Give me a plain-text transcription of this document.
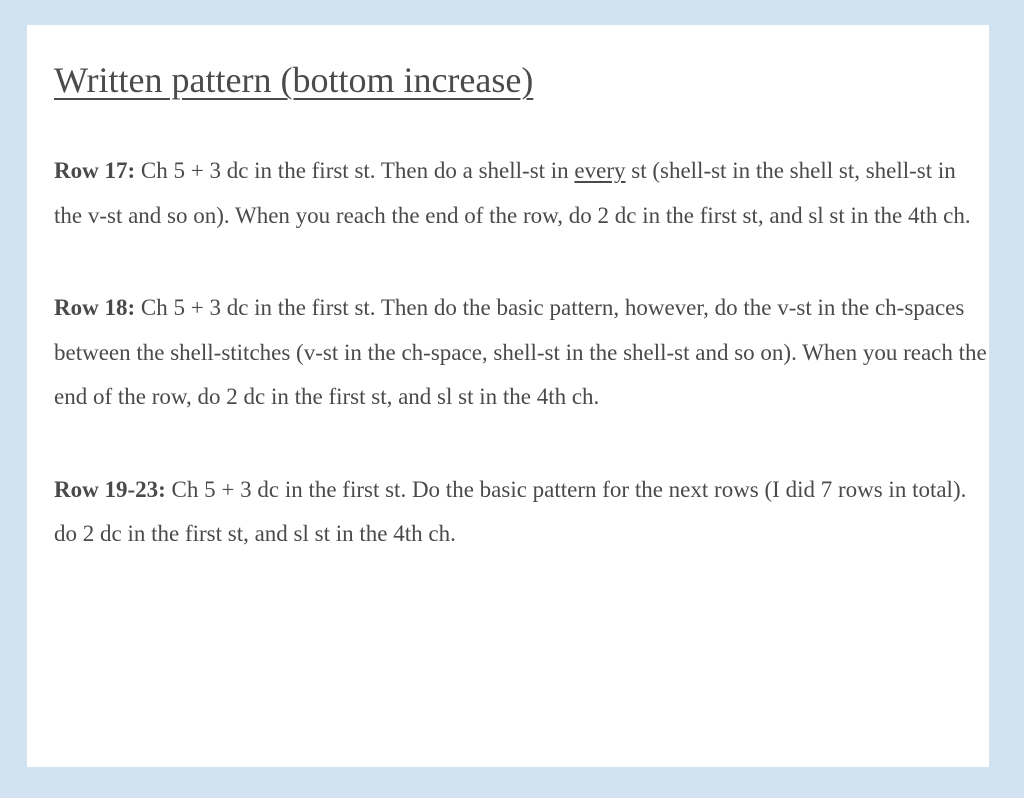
Written pattern (bottom increase)

Row 17: Ch 5 + 3 dc in the first st. Then do a shell-st in every st (shell-st in the shell st, shell-st in the v-st and so on). When you reach the end of the row, do 2 dc in the first st, and sl st in the 4th ch.

Row 18: Ch 5 + 3 dc in the first st. Then do the basic pattern, however, do the v-st in the ch-spaces between the shell-stitches (v-st in the ch-space, shell-st in the shell-st and so on). When you reach the end of the row, do 2 dc in the first st, and sl st in the 4th ch.

Row 19-23: Ch 5 + 3 dc in the first st. Do the basic pattern for the next rows (I did 7 rows in total). do 2 dc in the first st, and sl st in the 4th ch.
